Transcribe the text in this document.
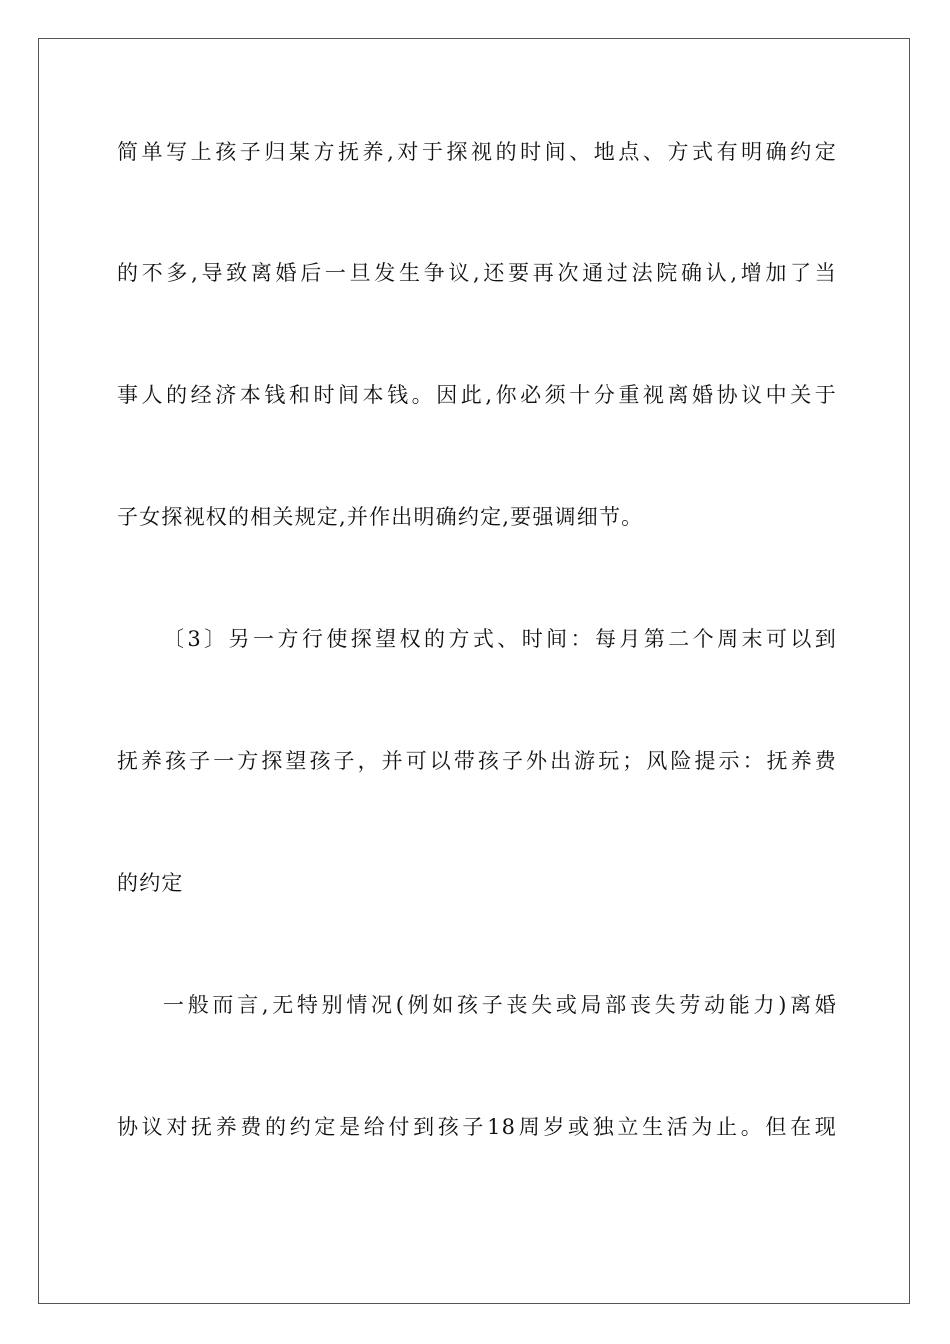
简单写上孩子归某方抚养,对于探视的时间、地点、方式有明确约定
的不多,导致离婚后一旦发生争议,还要再次通过法院确认,增加了当
事人的经济本钱和时间本钱。因此,你必须十分重视离婚协议中关于
子女探视权的相关规定,并作出明确约定,要强调细节。
〔3〕另一方行使探望权的方式、时间：每月第二个周末可以到
抚养孩子一方探望孩子，并可以带孩子外出游玩；风险提示：抚养费
的约定
一般而言,无特别情况(例如孩子丧失或局部丧失劳动能力)离婚
协议对抚养费的约定是给付到孩子18周岁或独立生活为止。但在现
